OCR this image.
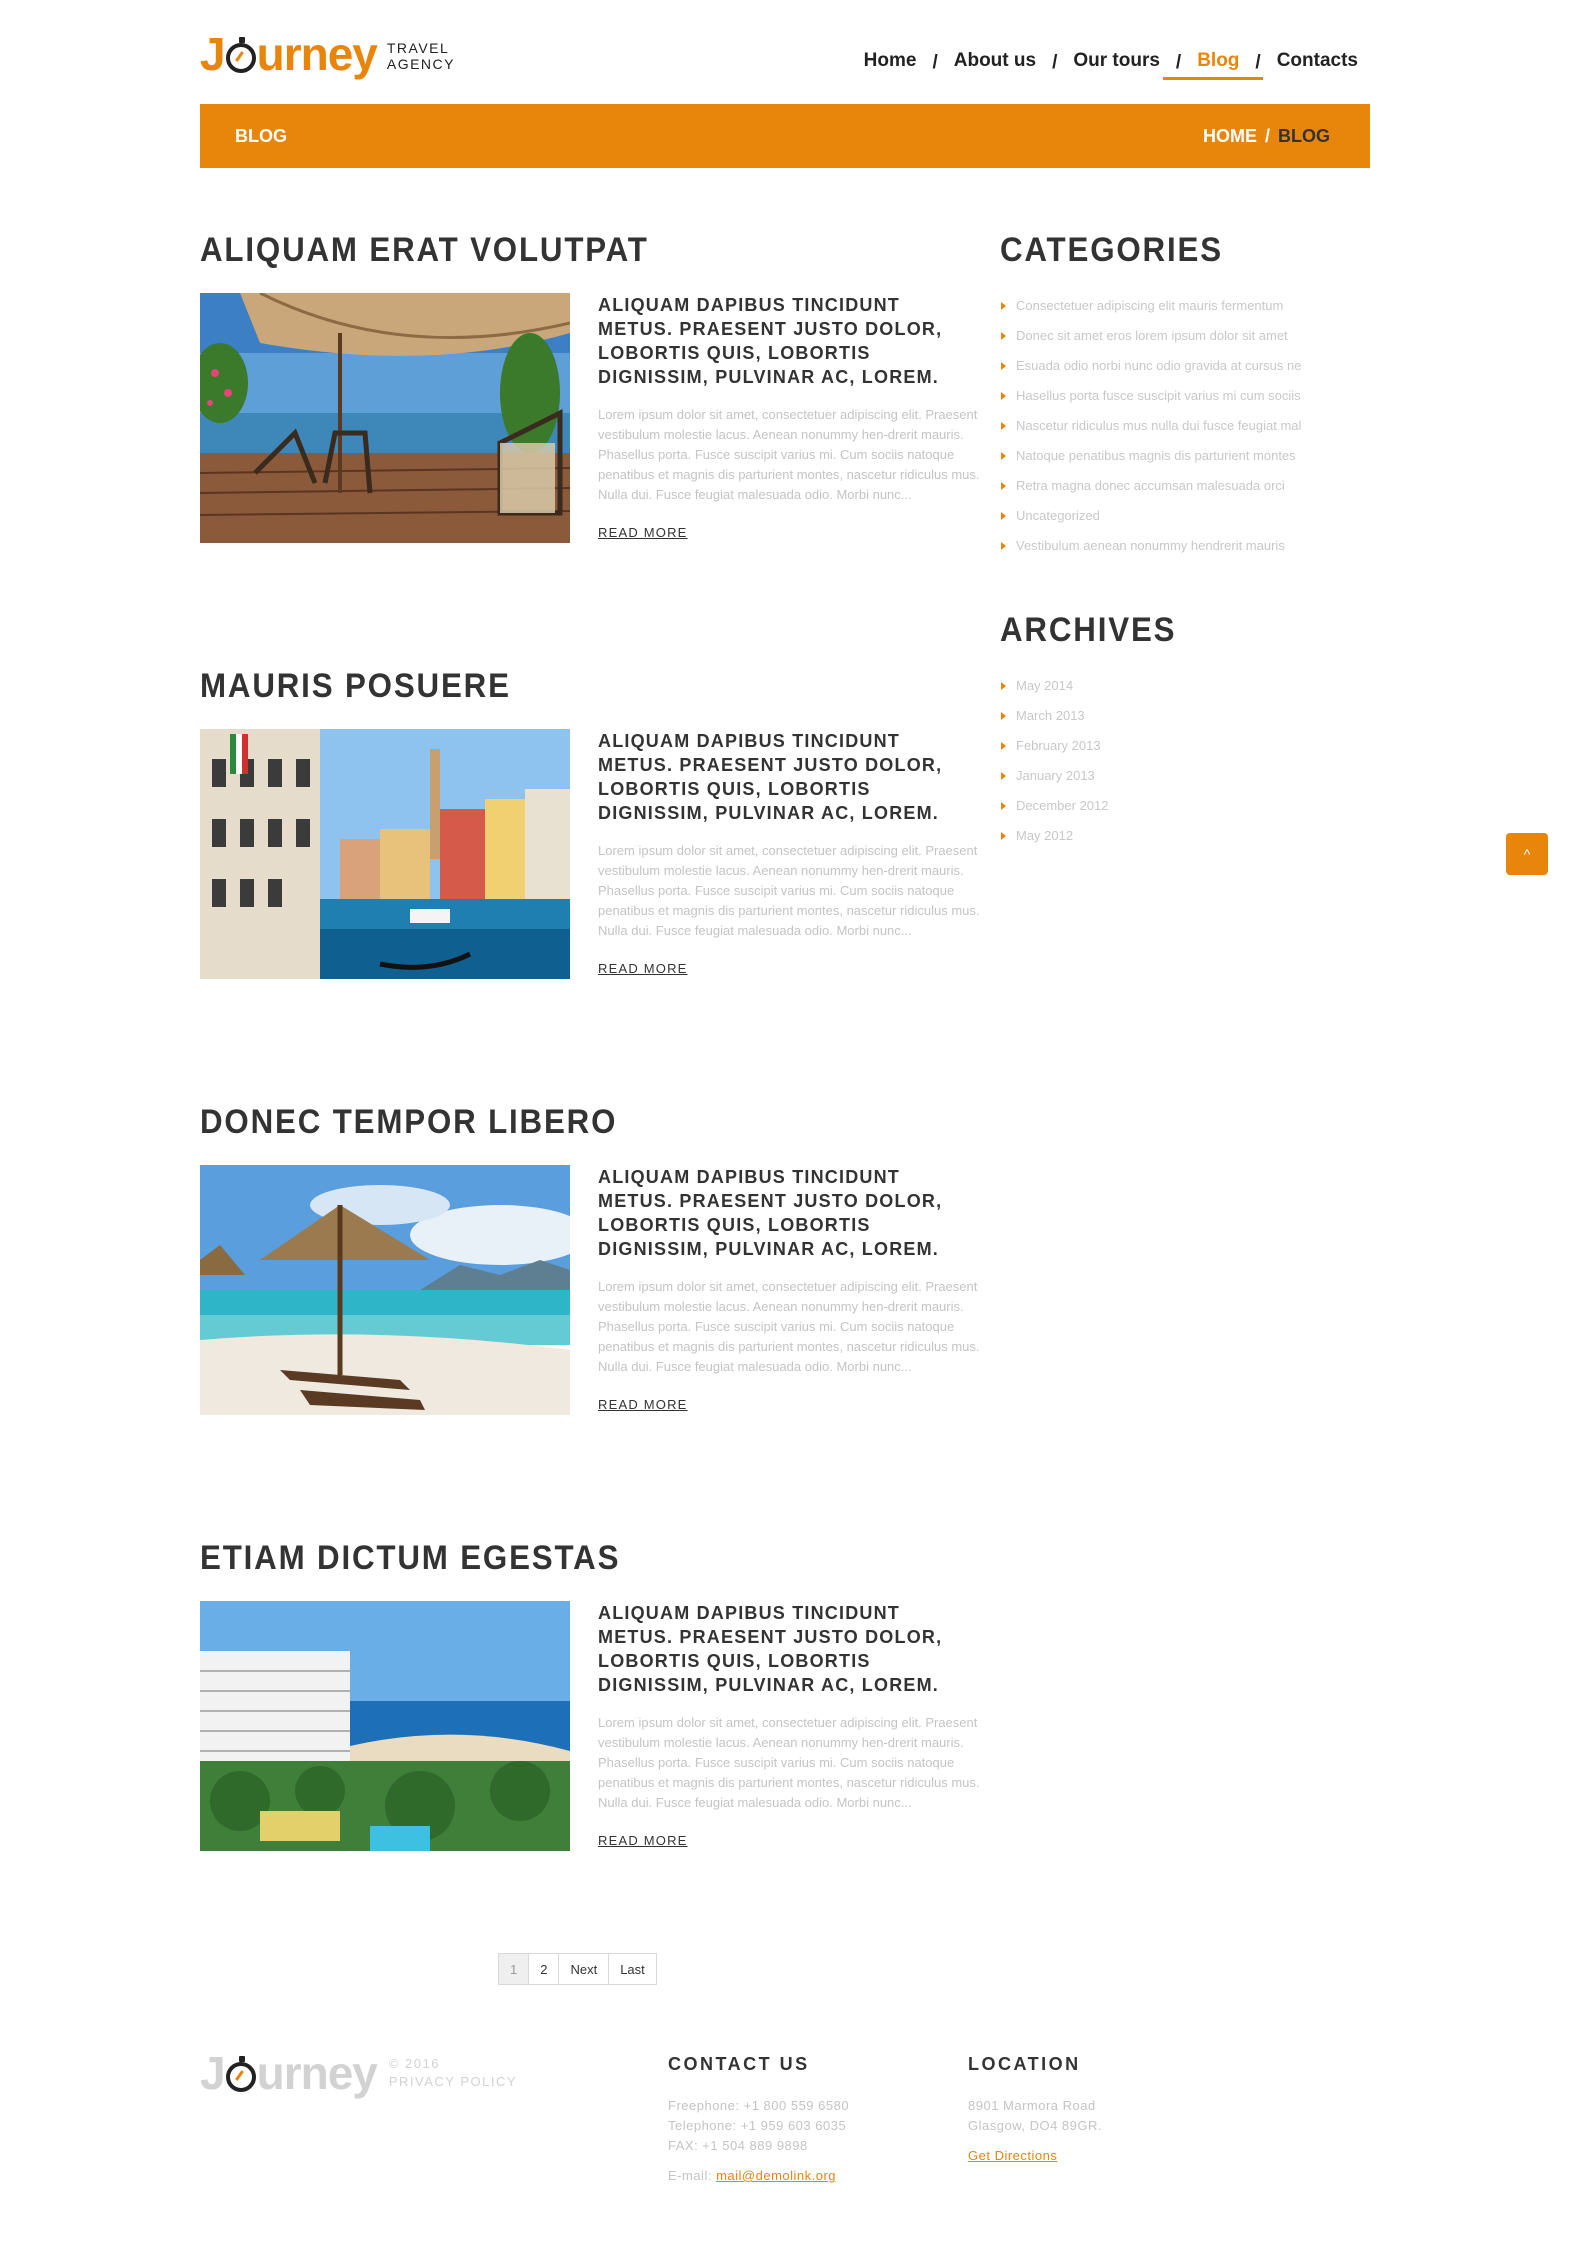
J urney TRAVEL
AGENCY	Home / About us / Our tours / Blog / Contacts
BLOG	HOME / BLOG
ALIQUAM ERAT VOLUTPAT

ALIQUAM DAPIBUS TINCIDUNT METUS. PRAESENT JUSTO DOLOR, LOBORTIS QUIS, LOBORTIS DIGNISSIM, PULVINAR AC, LOREM.

Lorem ipsum dolor sit amet, consectetuer adipiscing elit. Praesent vestibulum molestie lacus. Aenean nonummy hen-drerit mauris. Phasellus porta. Fusce suscipit varius mi. Cum sociis natoque penatibus et magnis dis parturient montes, nascetur ridiculus mus. Nulla dui. Fusce feugiat malesuada odio. Morbi nunc...

READ MORE
MAURIS POSUERE

ALIQUAM DAPIBUS TINCIDUNT METUS. PRAESENT JUSTO DOLOR, LOBORTIS QUIS, LOBORTIS DIGNISSIM, PULVINAR AC, LOREM.

Lorem ipsum dolor sit amet, consectetuer adipiscing elit. Praesent vestibulum molestie lacus. Aenean nonummy hen-drerit mauris. Phasellus porta. Fusce suscipit varius mi. Cum sociis natoque penatibus et magnis dis parturient montes, nascetur ridiculus mus. Nulla dui. Fusce feugiat malesuada odio. Morbi nunc...

READ MORE
DONEC TEMPOR LIBERO

ALIQUAM DAPIBUS TINCIDUNT METUS. PRAESENT JUSTO DOLOR, LOBORTIS QUIS, LOBORTIS DIGNISSIM, PULVINAR AC, LOREM.

Lorem ipsum dolor sit amet, consectetuer adipiscing elit. Praesent vestibulum molestie lacus. Aenean nonummy hen-drerit mauris. Phasellus porta. Fusce suscipit varius mi. Cum sociis natoque penatibus et magnis dis parturient montes, nascetur ridiculus mus. Nulla dui. Fusce feugiat malesuada odio. Morbi nunc...

READ MORE
ETIAM DICTUM EGESTAS

ALIQUAM DAPIBUS TINCIDUNT METUS. PRAESENT JUSTO DOLOR, LOBORTIS QUIS, LOBORTIS DIGNISSIM, PULVINAR AC, LOREM.

Lorem ipsum dolor sit amet, consectetuer adipiscing elit. Praesent vestibulum molestie lacus. Aenean nonummy hen-drerit mauris. Phasellus porta. Fusce suscipit varius mi. Cum sociis natoque penatibus et magnis dis parturient montes, nascetur ridiculus mus. Nulla dui. Fusce feugiat malesuada odio. Morbi nunc...

READ MORE
CATEGORIES
Consectetuer adipiscing elit mauris fermentum
Donec sit amet eros lorem ipsum dolor sit amet
Esuada odio norbi nunc odio gravida at cursus ne
Hasellus porta fusce suscipit varius mi cum sociis
Nascetur ridiculus mus nulla dui fusce feugiat mal
Natoque penatibus magnis dis parturient montes
Retra magna donec accumsan malesuada orci
Uncategorized
Vestibulum aenean nonummy hendrerit mauris
ARCHIVES
May 2014
March 2013
February 2013
January 2013
December 2012
May 2012
^
1	2	Next	Last
J urney © 2016
PRIVACY POLICY
CONTACT US

Freephone: +1 800 559 6580

Telephone: +1 959 603 6035

FAX: +1 504 889 9898

E-mail: mail@demolink.org

LOCATION

8901 Marmora Road

Glasgow, DO4 89GR.

Get Directions
